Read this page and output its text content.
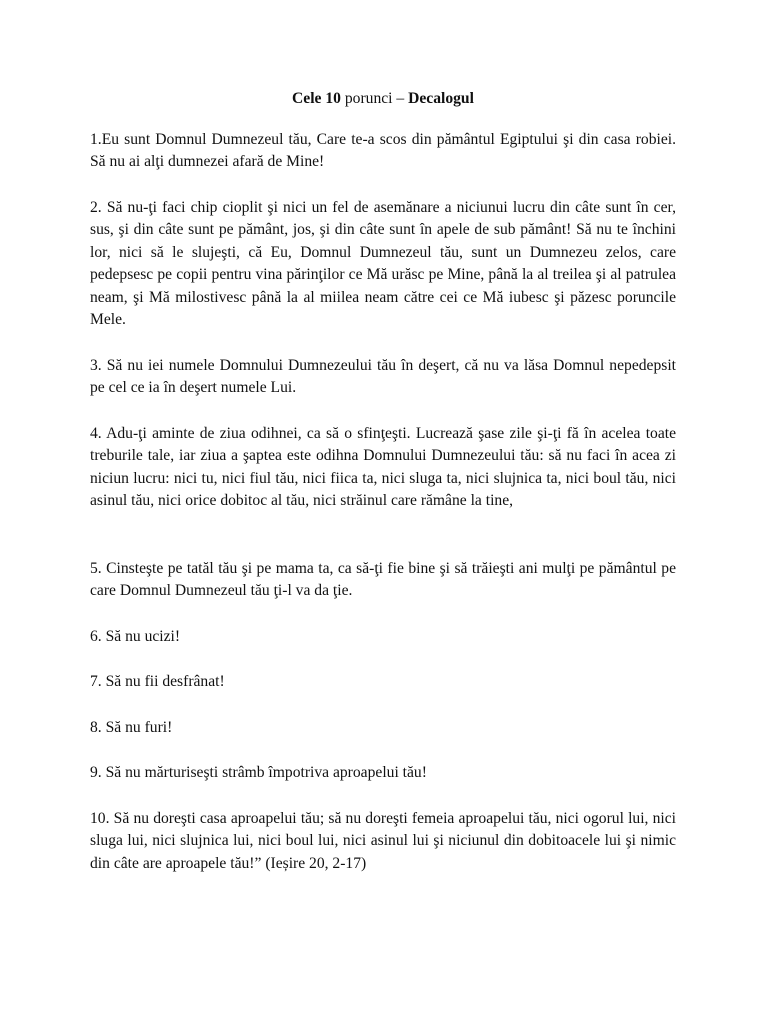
Cele 10 porunci – Decalogul

1.Eu sunt Domnul Dumnezeul tău, Care te-a scos din pământul Egiptului şi din casa robiei. Să nu ai alţi dumnezei afară de Mine!

2. Să nu-ţi faci chip cioplit şi nici un fel de asemănare a niciunui lucru din câte sunt în cer, sus, şi din câte sunt pe pământ, jos, şi din câte sunt în apele de sub pământ! Să nu te închini lor, nici să le slujeşti, că Eu, Domnul Dumnezeul tău, sunt un Dumnezeu zelos, care pedepsesc pe copii pentru vina părinţilor ce Mă urăsc pe Mine, până la al treilea şi al patrulea neam, şi Mă milostivesc până la al miilea neam către cei ce Mă iubesc şi păzesc poruncile Mele.

3. Să nu iei numele Domnului Dumnezeului tău în deşert, că nu va lăsa Domnul nepedepsit pe cel ce ia în deşert numele Lui.

4. Adu-ţi aminte de ziua odihnei, ca să o sfinţeşti. Lucrează şase zile şi-ţi fă în acelea toate treburile tale, iar ziua a şaptea este odihna Domnului Dumnezeului tău: să nu faci în acea zi niciun lucru: nici tu, nici fiul tău, nici fiica ta, nici sluga ta, nici slujnica ta, nici boul tău, nici asinul tău, nici orice dobitoc al tău, nici străinul care rămâne la tine,

5. Cinsteşte pe tatăl tău şi pe mama ta, ca să-ţi fie bine şi să trăieşti ani mulţi pe pământul pe care Domnul Dumnezeul tău ţi-l va da ţie.

6. Să nu ucizi!

7. Să nu fii desfrânat!

8. Să nu furi!

9. Să nu mărturiseşti strâmb împotriva aproapelui tău!

10. Să nu doreşti casa aproapelui tău; să nu doreşti femeia aproapelui tău, nici ogorul lui, nici sluga lui, nici slujnica lui, nici boul lui, nici asinul lui şi niciunul din dobitoacele lui şi nimic din câte are aproapele tău!” (Ieșire 20, 2-17)
